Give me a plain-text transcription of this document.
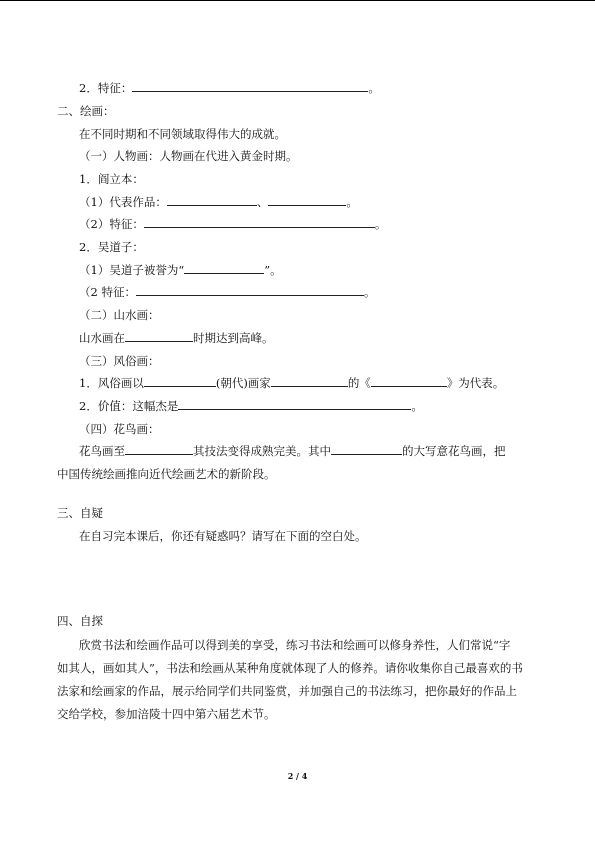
2．特征：	。
二、绘画：
在不同时期和不同领域取得伟大的成就。
（一）人物画：人物画在代进入黄金时期。
1．阎立本：
（1）代表作品：	、	。
（2）特征：	。
2．吴道子：
（1）吴道子被誉为“	”。
（2 特征：	。
（二）山水画：
山水画在	时期达到高峰。
（三）风俗画：
1．风俗画以	(朝代)画家	的《	》为代表。
2．价值：这幅杰是	。
（四）花鸟画：
花鸟画至	其技法变得成熟完美。其中	的大写意花鸟画，把
中国传统绘画推向近代绘画艺术的新阶段。
三、自疑
在自习完本课后，你还有疑惑吗？请写在下面的空白处。
四、自探
欣赏书法和绘画作品可以得到美的享受，练习书法和绘画可以修身养性，人们常说“字
如其人，画如其人”，书法和绘画从某种角度就体现了人的修养。请你收集你自己最喜欢的书
法家和绘画家的作品，展示给同学们共同鉴赏，并加强自己的书法练习，把你最好的作品上
交给学校，参加涪陵十四中第六届艺术节。
2 / 4
